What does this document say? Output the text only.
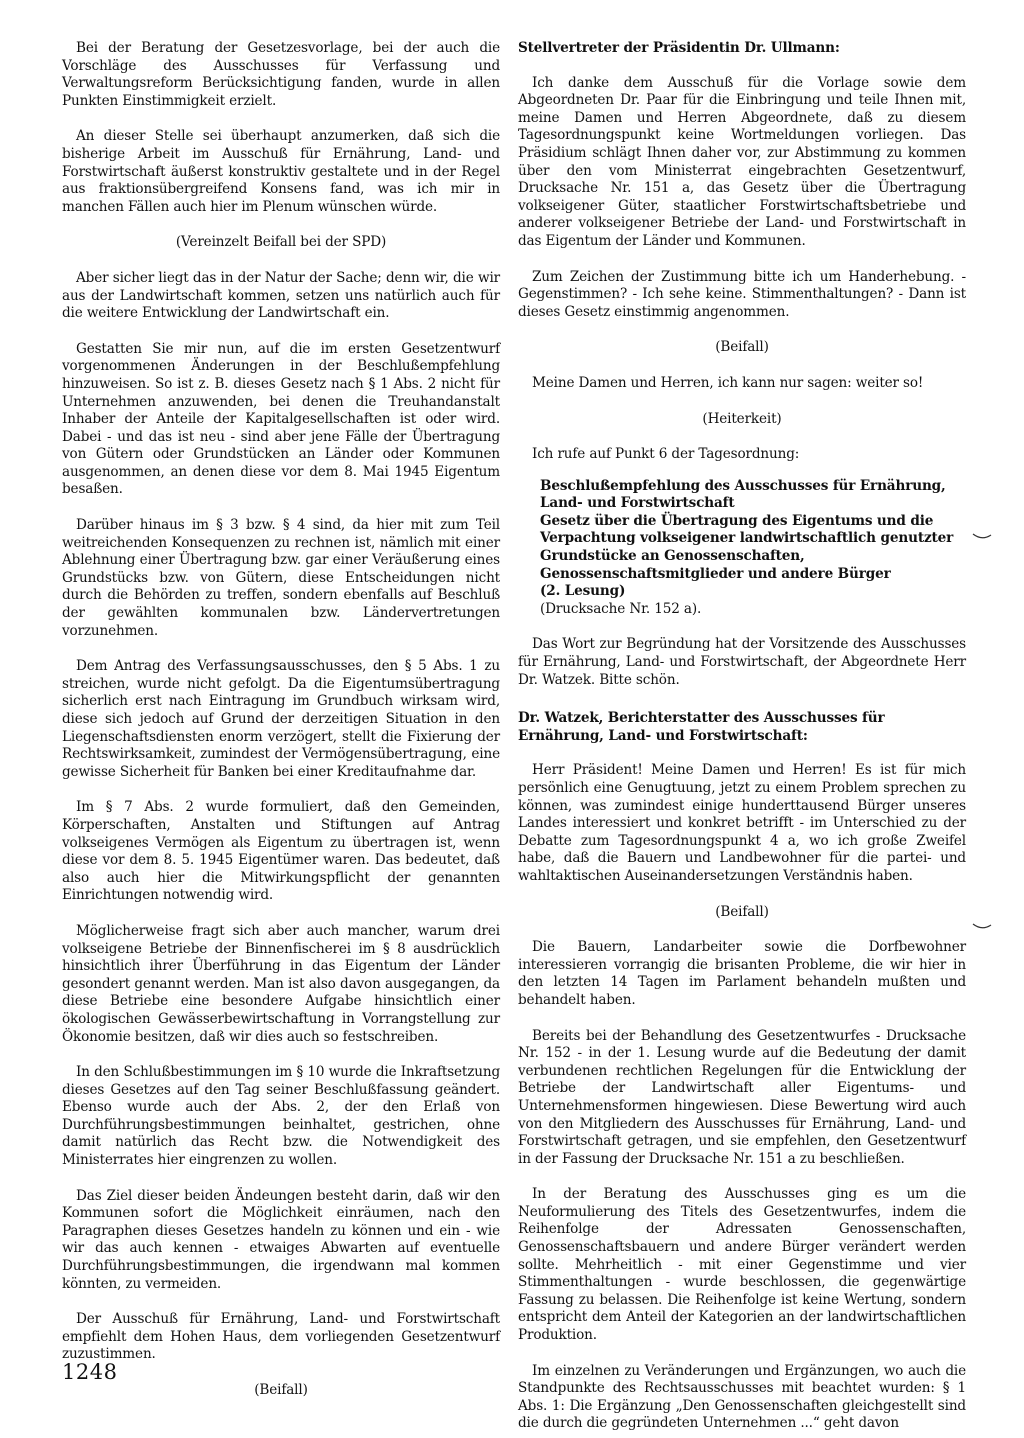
Bei der Beratung der Gesetzesvorlage, bei der auch die Vorschläge des Ausschusses für Verfassung und Verwaltungsreform Berücksichtigung fanden, wurde in allen Punkten Einstimmigkeit erzielt.

An dieser Stelle sei überhaupt anzumerken, daß sich die bisherige Arbeit im Ausschuß für Ernährung, Land- und Forstwirtschaft äußerst konstruktiv gestaltete und in der Regel aus fraktionsübergreifend Konsens fand, was ich mir in manchen Fällen auch hier im Plenum wünschen würde.

(Vereinzelt Beifall bei der SPD)

Aber sicher liegt das in der Natur der Sache; denn wir, die wir aus der Landwirtschaft kommen, setzen uns natürlich auch für die weitere Entwicklung der Landwirtschaft ein.

Gestatten Sie mir nun, auf die im ersten Gesetzentwurf vorgenommenen Änderungen in der Beschlußempfehlung hinzuweisen. So ist z. B. dieses Gesetz nach § 1 Abs. 2 nicht für Unternehmen anzuwenden, bei denen die Treuhandanstalt Inhaber der Anteile der Kapitalgesellschaften ist oder wird. Dabei - und das ist neu - sind aber jene Fälle der Übertragung von Gütern oder Grundstücken an Länder oder Kommunen ausgenommen, an denen diese vor dem 8. Mai 1945 Eigentum besaßen.

Darüber hinaus im § 3 bzw. § 4 sind, da hier mit zum Teil weitreichenden Konsequenzen zu rechnen ist, nämlich mit einer Ablehnung einer Übertragung bzw. gar einer Veräußerung eines Grundstücks bzw. von Gütern, diese Entscheidungen nicht durch die Behörden zu treffen, sondern ebenfalls auf Beschluß der gewählten kommunalen bzw. Ländervertretungen vorzunehmen.

Dem Antrag des Verfassungsausschusses, den § 5 Abs. 1 zu streichen, wurde nicht gefolgt. Da die Eigentumsübertragung sicherlich erst nach Eintragung im Grundbuch wirksam wird, diese sich jedoch auf Grund der derzeitigen Situation in den Liegenschaftsdiensten enorm verzögert, stellt die Fixierung der Rechtswirksamkeit, zumindest der Vermögensübertragung, eine gewisse Sicherheit für Banken bei einer Kreditaufnahme dar.

Im § 7 Abs. 2 wurde formuliert, daß den Gemeinden, Körperschaften, Anstalten und Stiftungen auf Antrag volkseigenes Vermögen als Eigentum zu übertragen ist, wenn diese vor dem 8. 5. 1945 Eigentümer waren. Das bedeutet, daß also auch hier die Mitwirkungspflicht der genannten Einrichtungen notwendig wird.

Möglicherweise fragt sich aber auch mancher, warum drei volkseigene Betriebe der Binnenfischerei im § 8 ausdrücklich hinsichtlich ihrer Überführung in das Eigentum der Länder gesondert genannt werden. Man ist also davon ausgegangen, da diese Betriebe eine besondere Aufgabe hinsichtlich einer ökologischen Gewässerbewirtschaftung in Vorrangstellung zur Ökonomie besitzen, daß wir dies auch so festschreiben.

In den Schlußbestimmungen im § 10 wurde die Inkraftsetzung dieses Gesetzes auf den Tag seiner Beschlußfassung geändert. Ebenso wurde auch der Abs. 2, der den Erlaß von Durchführungsbestimmungen beinhaltet, gestrichen, ohne damit natürlich das Recht bzw. die Notwendigkeit des Ministerrates hier eingrenzen zu wollen.

Das Ziel dieser beiden Ändeungen besteht darin, daß wir den Kommunen sofort die Möglichkeit einräumen, nach den Paragraphen dieses Gesetzes handeln zu können und ein - wie wir das auch kennen - etwaiges Abwarten auf eventuelle Durchführungsbestimmungen, die irgendwann mal kommen könnten, zu vermeiden.

Der Ausschuß für Ernährung, Land- und Forstwirtschaft empfiehlt dem Hohen Haus, dem vorliegenden Gesetzentwurf zuzustimmen.

(Beifall)

Stellvertreter der Präsidentin Dr. Ullmann:

Ich danke dem Ausschuß für die Vorlage sowie dem Abgeordneten Dr. Paar für die Einbringung und teile Ihnen mit, meine Damen und Herren Abgeordnete, daß zu diesem Tagesordnungspunkt keine Wortmeldungen vorliegen. Das Präsidium schlägt Ihnen daher vor, zur Abstimmung zu kommen über den vom Ministerrat eingebrachten Gesetzentwurf, Drucksache Nr. 151 a, das Gesetz über die Übertragung volkseigener Güter, staatlicher Forstwirtschaftsbetriebe und anderer volkseigener Betriebe der Land- und Forstwirtschaft in das Eigentum der Länder und Kommunen.

Zum Zeichen der Zustimmung bitte ich um Handerhebung. - Gegenstimmen? - Ich sehe keine. Stimmenthaltungen? - Dann ist dieses Gesetz einstimmig angenommen.

(Beifall)

Meine Damen und Herren, ich kann nur sagen: weiter so!

(Heiterkeit)

Ich rufe auf Punkt 6 der Tagesordnung:

Beschlußempfehlung des Ausschusses für Ernährung, Land- und Forstwirtschaft
Gesetz über die Übertragung des Eigentums und die Verpachtung volkseigener landwirtschaftlich genutzter Grundstücke an Genossenschaften, Genossenschaftsmitglieder und andere Bürger
(2. Lesung)
(Drucksache Nr. 152 a).

Das Wort zur Begründung hat der Vorsitzende des Ausschusses für Ernährung, Land- und Forstwirtschaft, der Abgeordnete Herr Dr. Watzek. Bitte schön.

Dr. Watzek, Berichterstatter des Ausschusses für Ernährung, Land- und Forstwirtschaft:

Herr Präsident! Meine Damen und Herren! Es ist für mich persönlich eine Genugtuung, jetzt zu einem Problem sprechen zu können, was zumindest einige hunderttausend Bürger unseres Landes interessiert und konkret betrifft - im Unterschied zu der Debatte zum Tagesordnungspunkt 4 a, wo ich große Zweifel habe, daß die Bauern und Landbewohner für die partei- und wahltaktischen Auseinandersetzungen Verständnis haben.

(Beifall)

Die Bauern, Landarbeiter sowie die Dorfbewohner interessieren vorrangig die brisanten Probleme, die wir hier in den letzten 14 Tagen im Parlament behandeln mußten und behandelt haben.

Bereits bei der Behandlung des Gesetzentwurfes - Drucksache Nr. 152 - in der 1. Lesung wurde auf die Bedeutung der damit verbundenen rechtlichen Regelungen für die Entwicklung der Betriebe der Landwirtschaft aller Eigentums- und Unternehmensformen hingewiesen. Diese Bewertung wird auch von den Mitgliedern des Ausschusses für Ernährung, Land- und Forstwirtschaft getragen, und sie empfehlen, den Gesetzentwurf in der Fassung der Drucksache Nr. 151 a zu beschließen.

In der Beratung des Ausschusses ging es um die Neuformulierung des Titels des Gesetzentwurfes, indem die Reihenfolge der Adressaten Genossenschaften, Genossenschaftsbauern und andere Bürger verändert werden sollte. Mehrheitlich - mit einer Gegenstimme und vier Stimmenthaltungen - wurde beschlossen, die gegenwärtige Fassung zu belassen. Die Reihenfolge ist keine Wertung, sondern entspricht dem Anteil der Kategorien an der landwirtschaftlichen Produktion.

Im einzelnen zu Veränderungen und Ergänzungen, wo auch die Standpunkte des Rechtsausschusses mit beachtet wurden: § 1 Abs. 1: Die Ergänzung „Den Genossenschaften gleichgestellt sind die durch die gegründeten Unternehmen ...“ geht davon

1248
